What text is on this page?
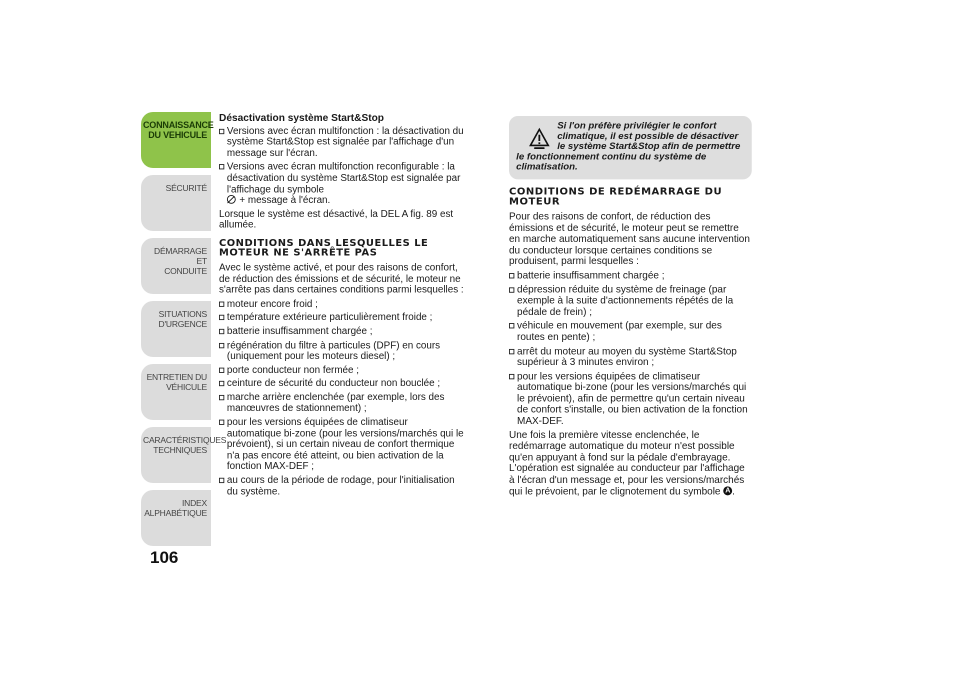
CONNAISSANCE
DU VEHICULE
SÉCURITÉ
DÉMARRAGE ET
CONDUITE
SITUATIONS
D'URGENCE
ENTRETIEN DU
VÉHICULE
CARACTÉRISTIQUES
TECHNIQUES
INDEX
ALPHABÉTIQUE
106
Désactivation système Start&Stop
Versions avec écran multifonction : la désactivation du système Start&Stop est signalée par l'affichage d'un message sur l'écran.
Versions avec écran multifonction reconfigurable : la désactivation du système Start&Stop est signalée par l'affichage du symbole
+ message à l'écran.

Lorsque le système est désactivé, la DEL A fig. 89 est allumée.

CONDITIONS DANS LESQUELLES LE MOTEUR NE S'ARRÊTE PAS

Avec le système activé, et pour des raisons de confort, de réduction des émissions et de sécurité, le moteur ne s'arrête pas dans certaines conditions parmi lesquelles :

moteur encore froid ;
température extérieure particulièrement froide ;
batterie insuffisamment chargée ;
régénération du filtre à particules (DPF) en cours (uniquement pour les moteurs diesel) ;
porte conducteur non fermée ;
ceinture de sécurité du conducteur non bouclée ;
marche arrière enclenchée (par exemple, lors des manœuvres de stationnement) ;
pour les versions équipées de climatiseur automatique bi-zone (pour les versions/marchés qui le prévoient), si un certain niveau de confort thermique n'a pas encore été atteint, ou bien activation de la fonction MAX-DEF ;
au cours de la période de rodage, pour l'initialisation du système.
Si l'on préfère privilégier le confort climatique, il est possible de désactiver le système Start&Stop afin de permettre le fonctionnement continu du système de climatisation.
CONDITIONS DE REDÉMARRAGE DU MOTEUR

Pour des raisons de confort, de réduction des émissions et de sécurité, le moteur peut se remettre en marche automatiquement sans aucune intervention du conducteur lorsque certaines conditions se produisent, parmi lesquelles :

batterie insuffisamment chargée ;
dépression réduite du système de freinage (par exemple à la suite d'actionnements répétés de la pédale de frein) ;
véhicule en mouvement (par exemple, sur des routes en pente) ;
arrêt du moteur au moyen du système Start&Stop supérieur à 3 minutes environ ;
pour les versions équipées de climatiseur automatique bi-zone (pour les versions/marchés qui le prévoient), afin de permettre qu'un certain niveau de confort s'installe, ou bien activation de la fonction MAX-DEF.

Une fois la première vitesse enclenchée, le redémarrage automatique du moteur n'est possible qu'en appuyant à fond sur la pédale d'embrayage. L'opération est signalée au conducteur par l'affichage à l'écran d'un message et, pour les versions/marchés qui le prévoient, par le clignotement du symbole A .
